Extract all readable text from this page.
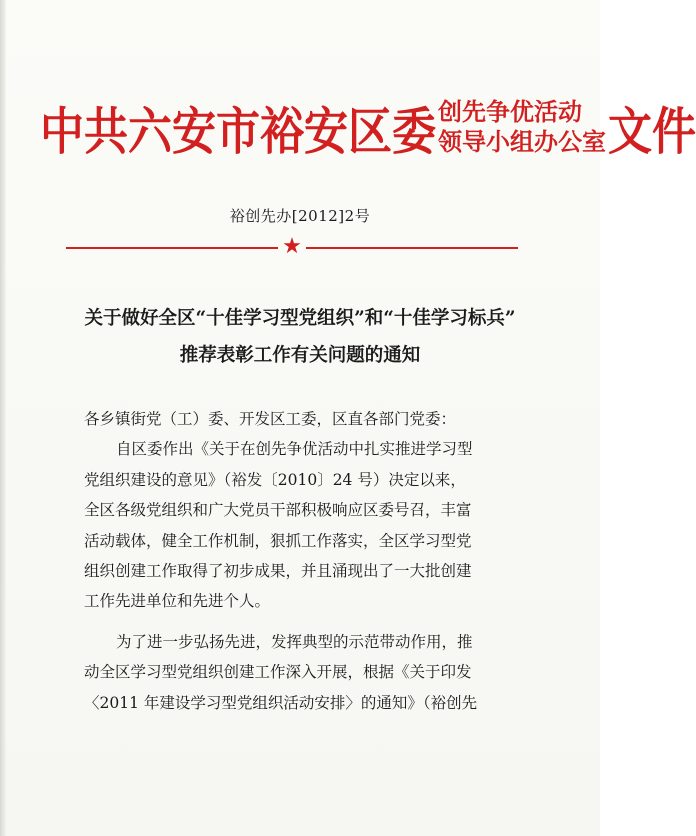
中共六安市裕安区委 创先争优活动
领导小组办公室 文件
裕创先办[2012]2号
★
关于做好全区“十佳学习型党组织”和“十佳学习标兵”
推荐表彰工作有关问题的通知
各乡镇街党（工）委、开发区工委，区直各部门党委：
自区委作出《关于在创先争优活动中扎实推进学习型
党组织建设的意见》（裕发〔2010〕24 号）决定以来，
全区各级党组织和广大党员干部积极响应区委号召，丰富
活动载体，健全工作机制，狠抓工作落实，全区学习型党
组织创建工作取得了初步成果，并且涌现出了一大批创建
工作先进单位和先进个人。
为了进一步弘扬先进，发挥典型的示范带动作用，推
动全区学习型党组织创建工作深入开展，根据《关于印发
〈2011 年建设学习型党组织活动安排〉的通知》（裕创先
